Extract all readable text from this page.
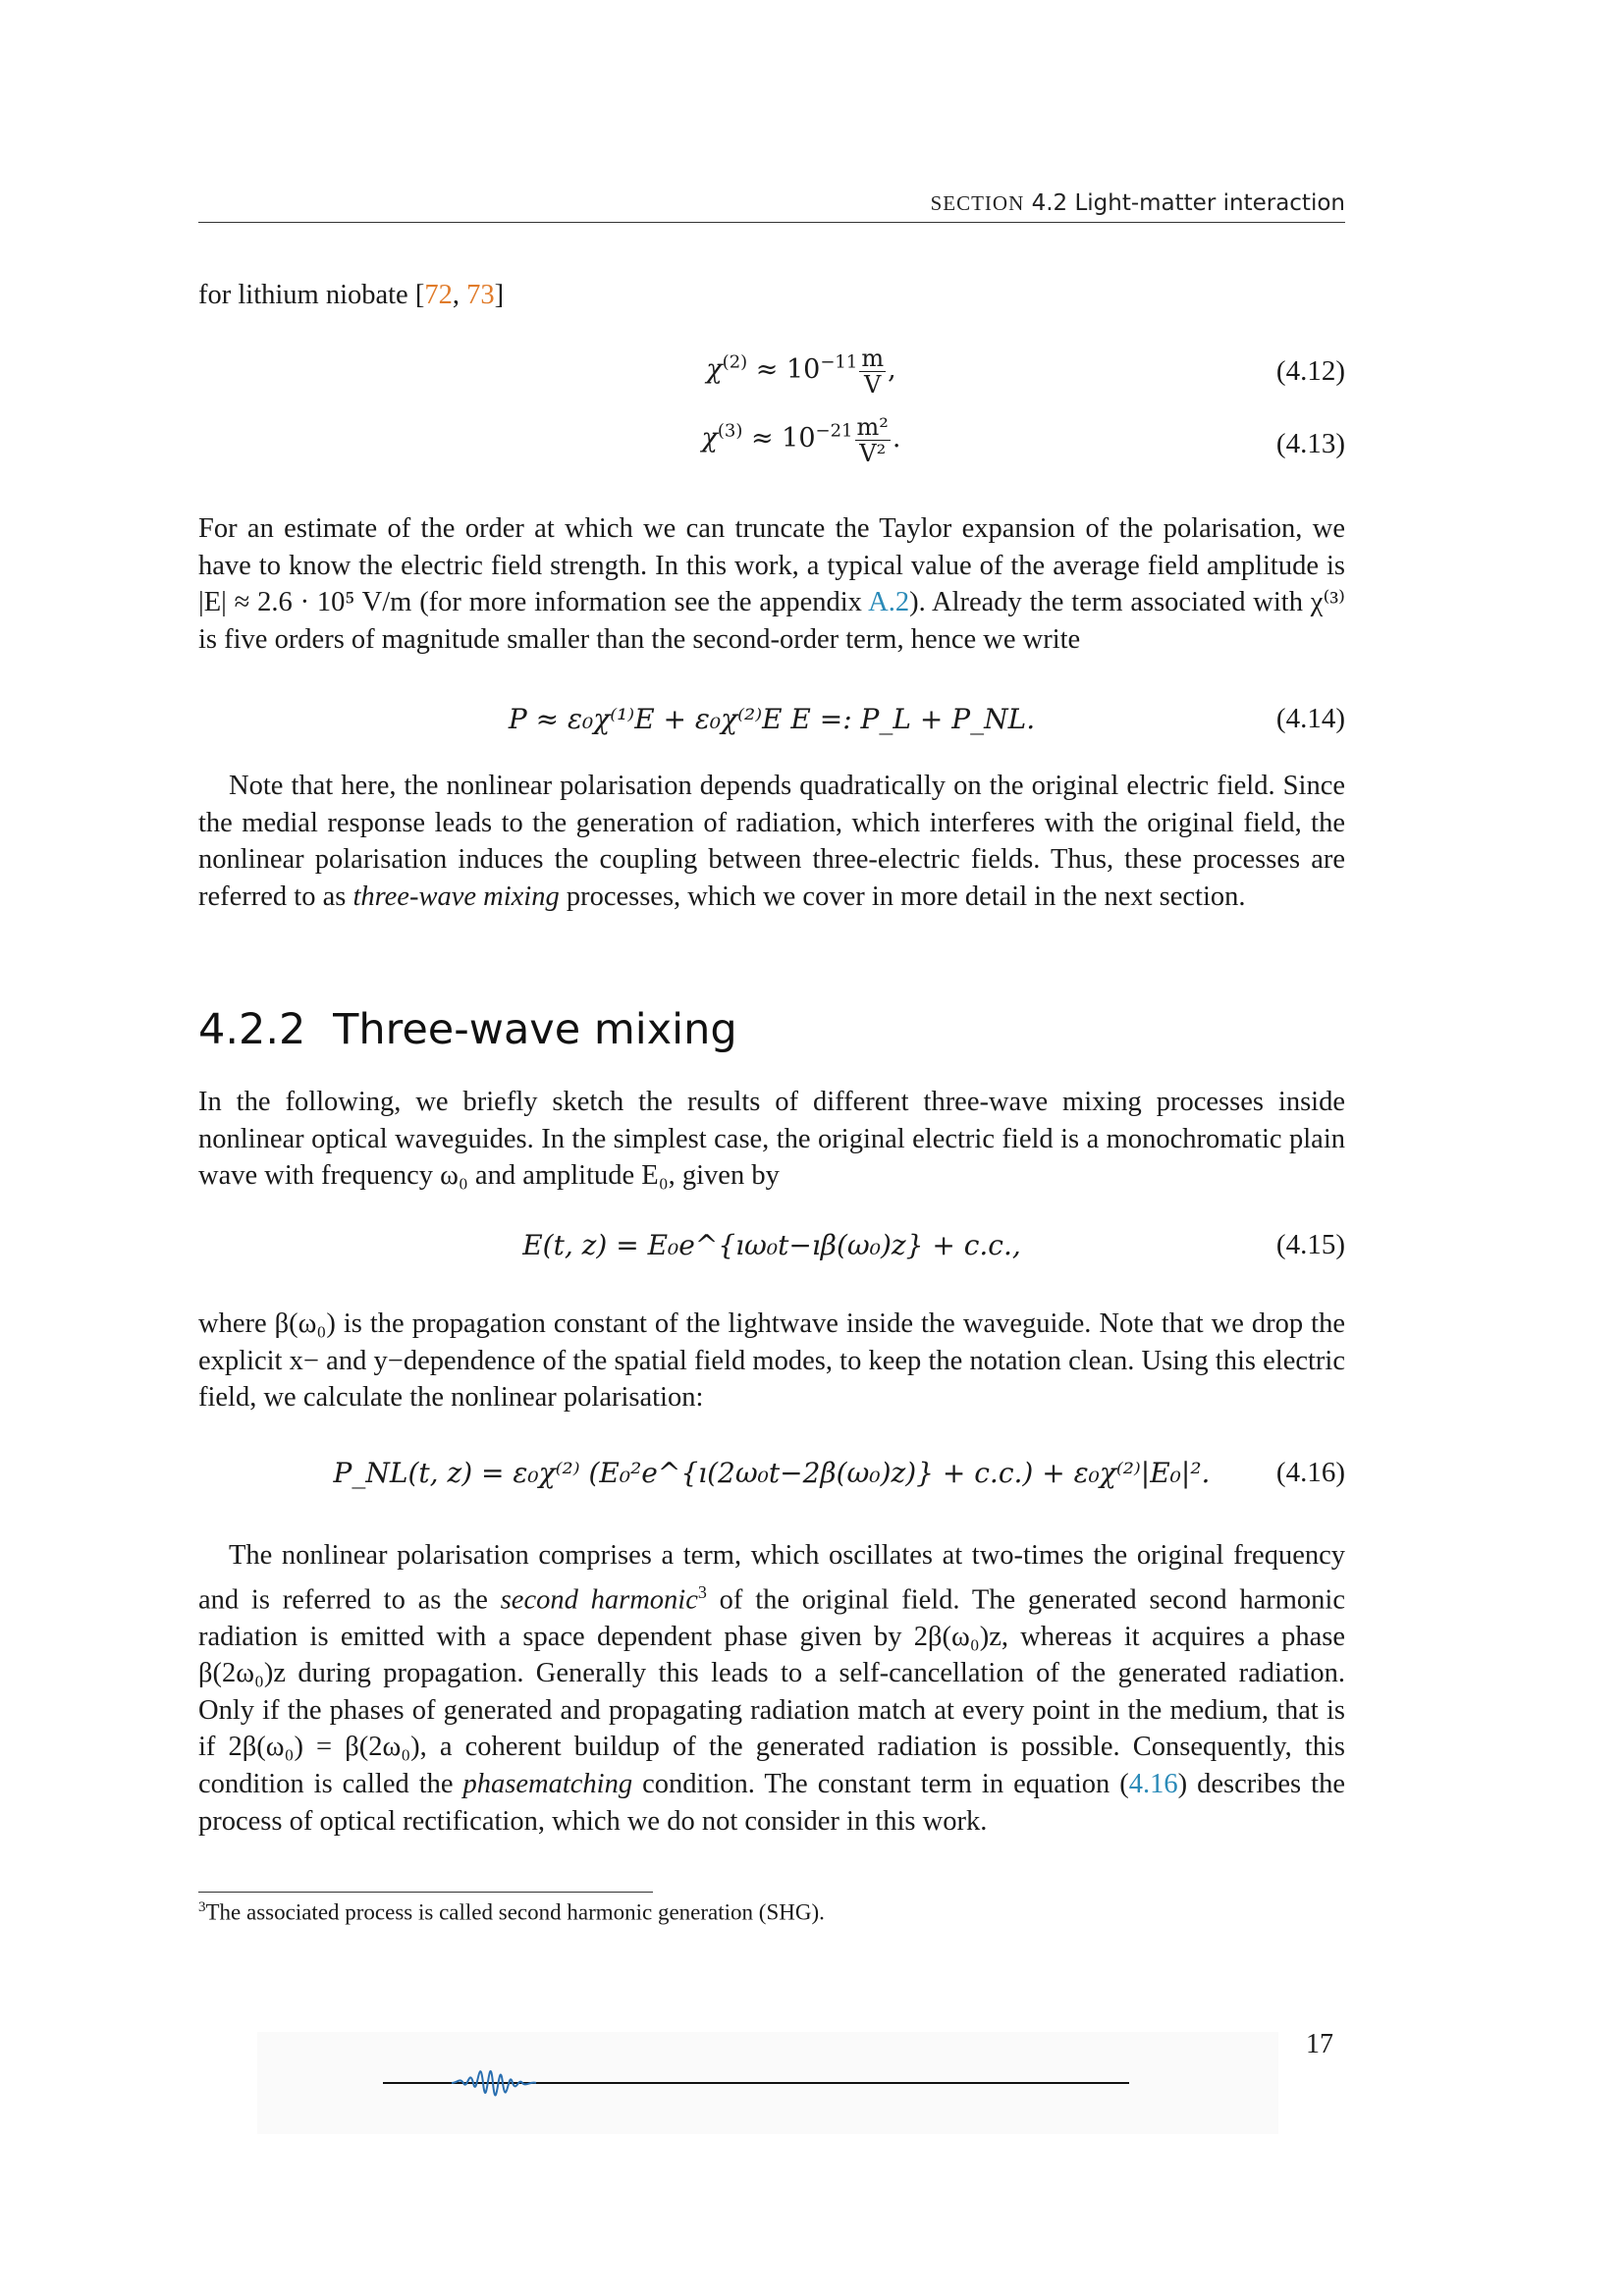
SECTION 4.2 Light-matter interaction
for lithium niobate [72, 73]
$\chi^{(2)} \approx 10^{-11} \frac{m}{V}$ ,	(4.12)
$\chi^{(3)} \approx 10^{-21} \frac{\text{m²}}{\text{V²}}$ .	(4.13)
For an estimate of the order at which we can truncate the Taylor expansion of the polarisation, we have to know the electric field strength. In this work, a typical value of the average field amplitude is |E| ≈ 2.6 · 10⁵ V/m (for more information see the appendix A.2). Already the term associated with χ⁽³⁾ is five orders of magnitude smaller than the second-order term, hence we write
P ≈ ε₀χ⁽¹⁾E + ε₀χ⁽²⁾E E =: P_L + P_NL.	(4.14)
Note that here, the nonlinear polarisation depends quadratically on the original electric field. Since the medial response leads to the generation of radiation, which interferes with the original field, the nonlinear polarisation induces the coupling between three-electric fields. Thus, these processes are referred to as three-wave mixing processes, which we cover in more detail in the next section.
4.2.2 Three-wave mixing
In the following, we briefly sketch the results of different three-wave mixing processes inside nonlinear optical waveguides. In the simplest case, the original electric field is a monochromatic plain wave with frequency ω₀ and amplitude E₀, given by
E(t, z) = E₀e^{ıω₀t−ıβ(ω₀)z} + c.c.,	(4.15)
where β(ω₀) is the propagation constant of the lightwave inside the waveguide. Note that we drop the explicit x− and y−dependence of the spatial field modes, to keep the notation clean. Using this electric field, we calculate the nonlinear polarisation:
P_NL(t, z) = ε₀χ⁽²⁾ (E₀²e^{ı(2ω₀t−2β(ω₀)z)} + c.c.) + ε₀χ⁽²⁾|E₀|². (4.16)
The nonlinear polarisation comprises a term, which oscillates at two-times the original frequency and is referred to as the second harmonic$^3$ of the original field. The generated second harmonic radiation is emitted with a space dependent phase given by 2β(ω₀)z, whereas it acquires a phase β(2ω₀)z during propagation. Generally this leads to a self-cancellation of the generated radiation. Only if the phases of generated and propagating radiation match at every point in the medium, that is if 2β(ω₀) = β(2ω₀), a coherent buildup of the generated radiation is possible. Consequently, this condition is called the phasematching condition. The constant term in equation (4.16) describes the process of optical rectification, which we do not consider in this work.
$^3$The associated process is called second harmonic generation (SHG).
17
